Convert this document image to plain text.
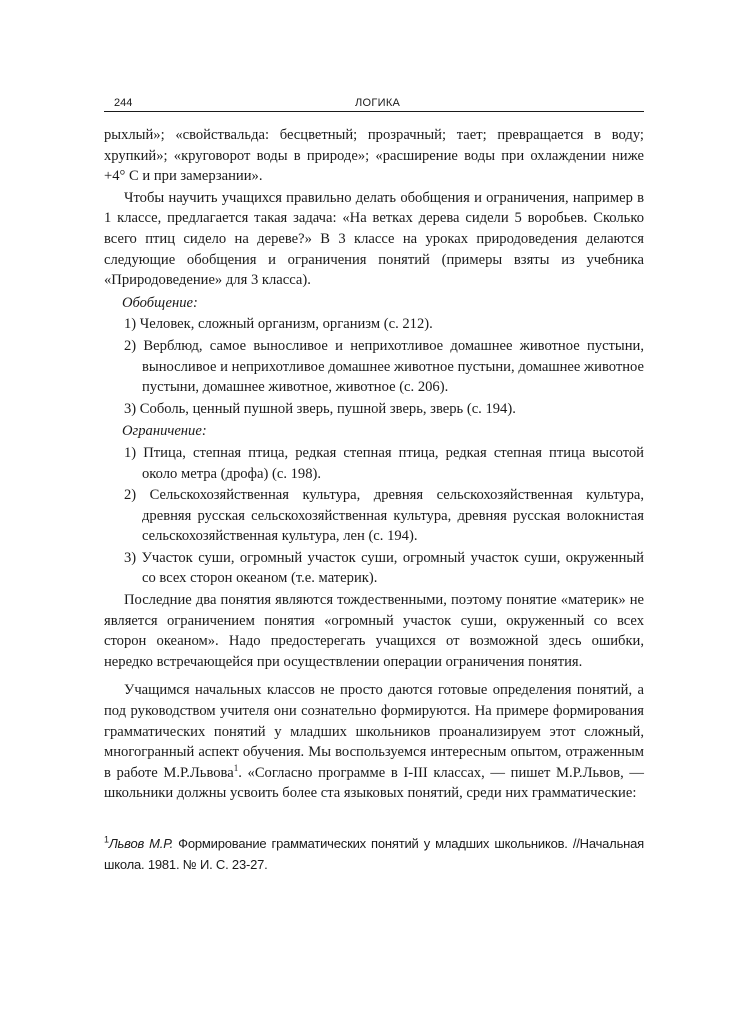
244	ЛОГИКА

рыхлый»; «свойствальда: бесцветный; прозрачный; тает; превращается в воду; хрупкий»; «круговорот воды в природе»; «расширение воды при охлаждении ниже +4° С и при замерзании».

Чтобы научить учащихся правильно делать обобщения и ограничения, например в 1 классе, предлагается такая задача: «На ветках дерева сидели 5 воробьев. Сколько всего птиц сидело на дереве?» В 3 классе на уроках природоведения делаются следующие обобщения и ограничения понятий (примеры взяты из учебника «Природоведение» для 3 класса).

Обобщение:

1) Человек, сложный организм, организм (с. 212).

2) Верблюд, самое выносливое и неприхотливое домашнее животное пустыни, выносливое и неприхотливое домашнее животное пустыни, домашнее животное пустыни, домашнее животное, животное (с. 206).

3) Соболь, ценный пушной зверь, пушной зверь, зверь (с. 194).

Ограничение:

1) Птица, степная птица, редкая степная птица, редкая степная птица высотой около метра (дрофа) (с. 198).

2) Сельскохозяйственная культура, древняя сельскохозяйственная культура, древняя русская сельскохозяйственная культура, древняя русская волокнистая сельскохозяйственная культура, лен (с. 194).

3) Участок суши, огромный участок суши, огромный участок суши, окруженный со всех сторон океаном (т.е. материк).

Последние два понятия являются тождественными, поэтому понятие «материк» не является ограничением понятия «огромный участок суши, окруженный со всех сторон океаном». Надо предостерегать учащихся от возможной здесь ошибки, нередко встречающейся при осуществлении операции ограничения понятия.

Учащимся начальных классов не просто даются готовые определения понятий, а под руководством учителя они сознательно формируются. На примере формирования грамматических понятий у младших школьников проанализируем этот сложный, многогранный аспект обучения. Мы воспользуемся интересным опытом, отраженным в работе М.Р.Львова$^1$. «Согласно программе в I-III классах, — пишет М.Р.Львов, — школьники должны усвоить более ста языковых понятий, среди них грамматические:

$^1$Львов М.Р. Формирование грамматических понятий у младших школьников. //Начальная школа. 1981. № И. С. 23-27.
